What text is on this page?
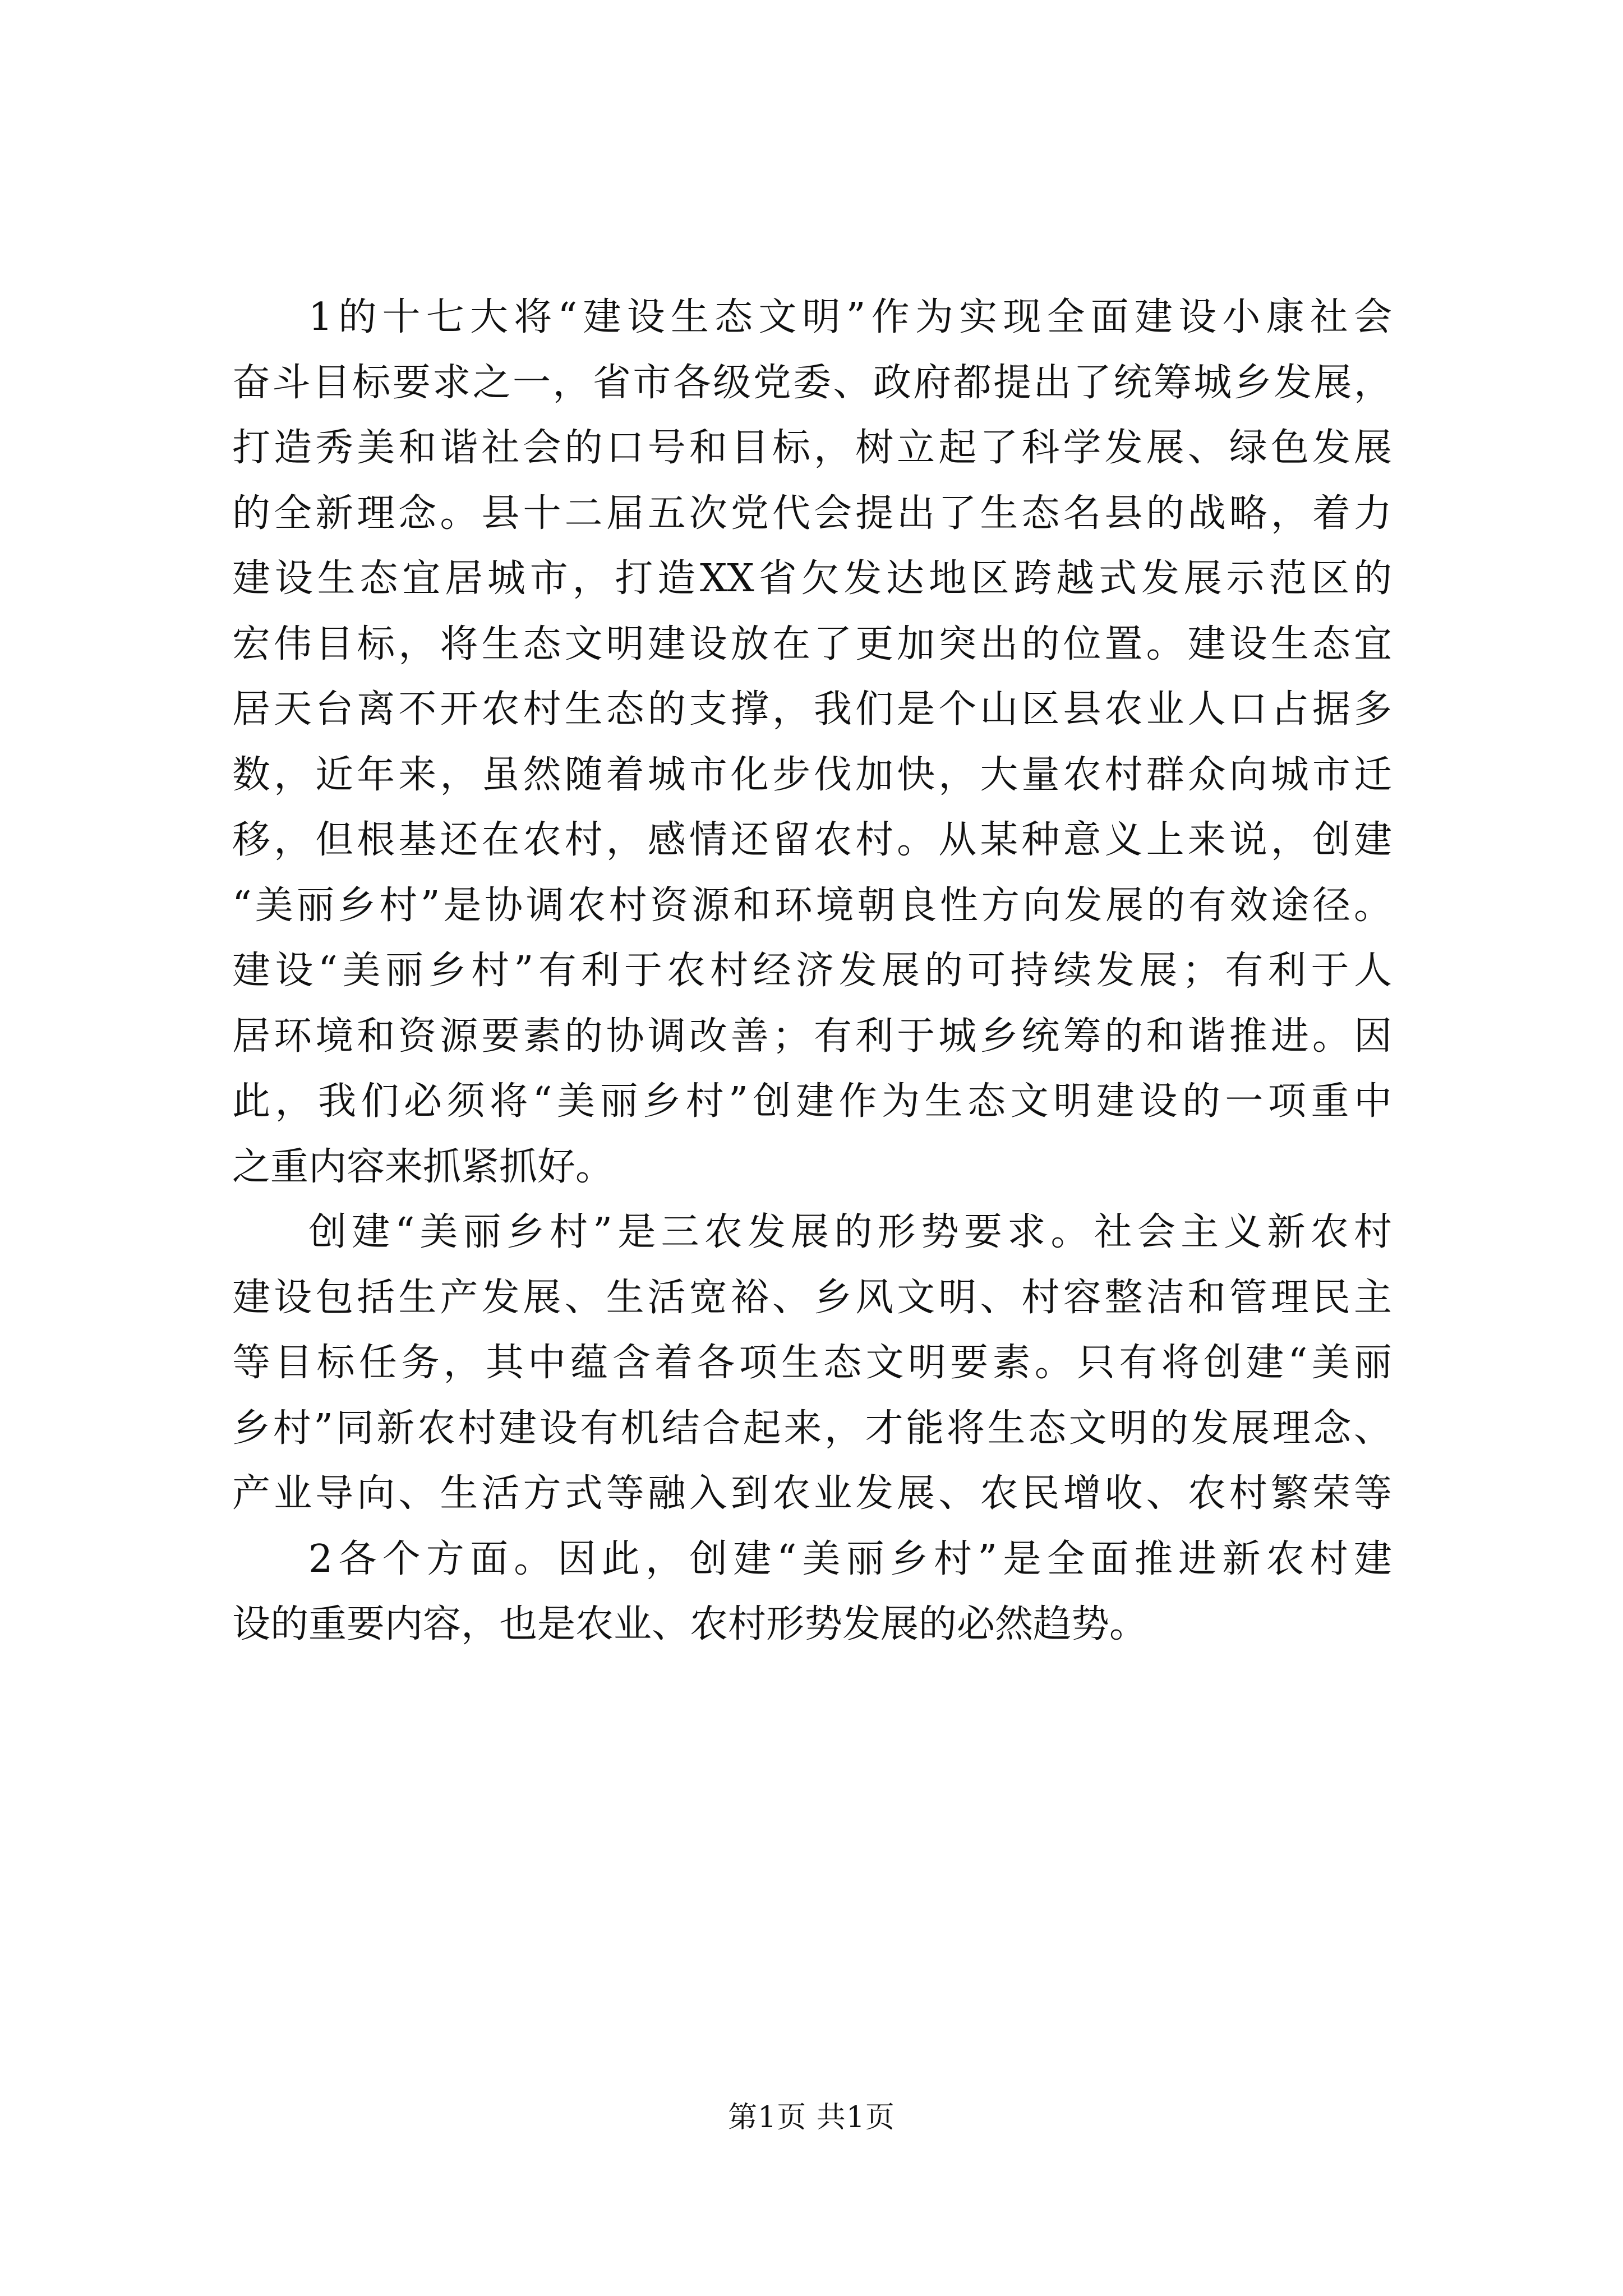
1的十七大将“建设生态文明”作为实现全面建设小康社会
奋斗目标要求之一，省市各级党委、政府都提出了统筹城乡发展，
打造秀美和谐社会的口号和目标，树立起了科学发展、绿色发展
的全新理念。县十二届五次党代会提出了生态名县的战略，着力
建设生态宜居城市，打造XX省欠发达地区跨越式发展示范区的
宏伟目标，将生态文明建设放在了更加突出的位置。建设生态宜
居天台离不开农村生态的支撑，我们是个山区县农业人口占据多
数，近年来，虽然随着城市化步伐加快，大量农村群众向城市迁
移，但根基还在农村，感情还留农村。从某种意义上来说，创建
“美丽乡村”是协调农村资源和环境朝良性方向发展的有效途径。
建设“美丽乡村”有利于农村经济发展的可持续发展；有利于人
居环境和资源要素的协调改善；有利于城乡统筹的和谐推进。因
此，我们必须将“美丽乡村”创建作为生态文明建设的一项重中
之重内容来抓紧抓好。
创建“美丽乡村”是三农发展的形势要求。社会主义新农村
建设包括生产发展、生活宽裕、乡风文明、村容整洁和管理民主
等目标任务，其中蕴含着各项生态文明要素。只有将创建“美丽
乡村”同新农村建设有机结合起来，才能将生态文明的发展理念、
产业导向、生活方式等融入到农业发展、农民增收、农村繁荣等
2各个方面。因此，创建“美丽乡村”是全面推进新农村建
设的重要内容，也是农业、农村形势发展的必然趋势。
第1页 共1页
